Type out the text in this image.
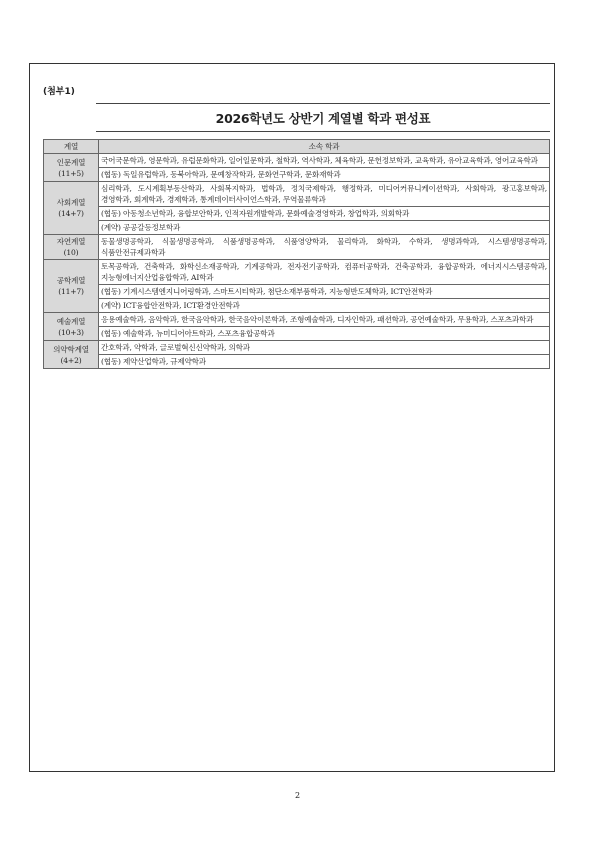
(첨부1)
2026학년도 상반기 계열별 학과 편성표
계열	소속 학과

인문계열
(11+5)	국어국문학과, 영문학과, 유럽문화학과, 일어일문학과, 철학과, 역사학과, 체육학과, 문헌정보학과, 교육학과, 유아교육학과, 영어교육학과
	(협동) 독일유럽학과, 동북아학과, 문예창작학과, 문화연구학과, 문화재학과

사회계열
(14+7)	심리학과, 도시계획부동산학과, 사회복지학과, 법학과, 정치국제학과, 행정학과, 미디어커뮤니케이션학과, 사회학과, 광고홍보학과, 경영학과, 회계학과, 경제학과, 통계데이터사이언스학과, 무역물류학과
	(협동) 아동청소년학과, 융합보안학과, 인적자원개발학과, 문화예술경영학과, 창업학과, 의회학과
	(계약) 공공갈등정보학과

자연계열
(10)	동물생명공학과, 식물생명공학과, 식품생명공학과, 식품영양학과, 물리학과, 화학과, 수학과, 생명과학과, 시스템생명공학과, 식품안전규제과학과

공학계열
(11+7)	토목공학과, 건축학과, 화학신소재공학과, 기계공학과, 전자전기공학과, 컴퓨터공학과, 건축공학과, 융합공학과, 에너지시스템공학과, 지능형에너지산업융합학과, AI학과
	(협동) 기계시스템엔지니어링학과, 스마트시티학과, 첨단소재부품학과, 지능형반도체학과, ICT안전학과
	(계약) ICT융합안전학과, ICT환경안전학과

예술계열
(10+3)	응용예술학과, 음악학과, 한국음악학과, 한국음악이론학과, 조형예술학과, 디자인학과, 패션학과, 공연예술학과, 무용학과, 스포츠과학과
	(협동) 예술학과, 뉴미디어아트학과, 스포츠융합공학과

의약학계열
(4+2)	간호학과, 약학과, 글로벌혁신신약학과, 의학과
	(협동) 제약산업학과, 규제약학과
2
